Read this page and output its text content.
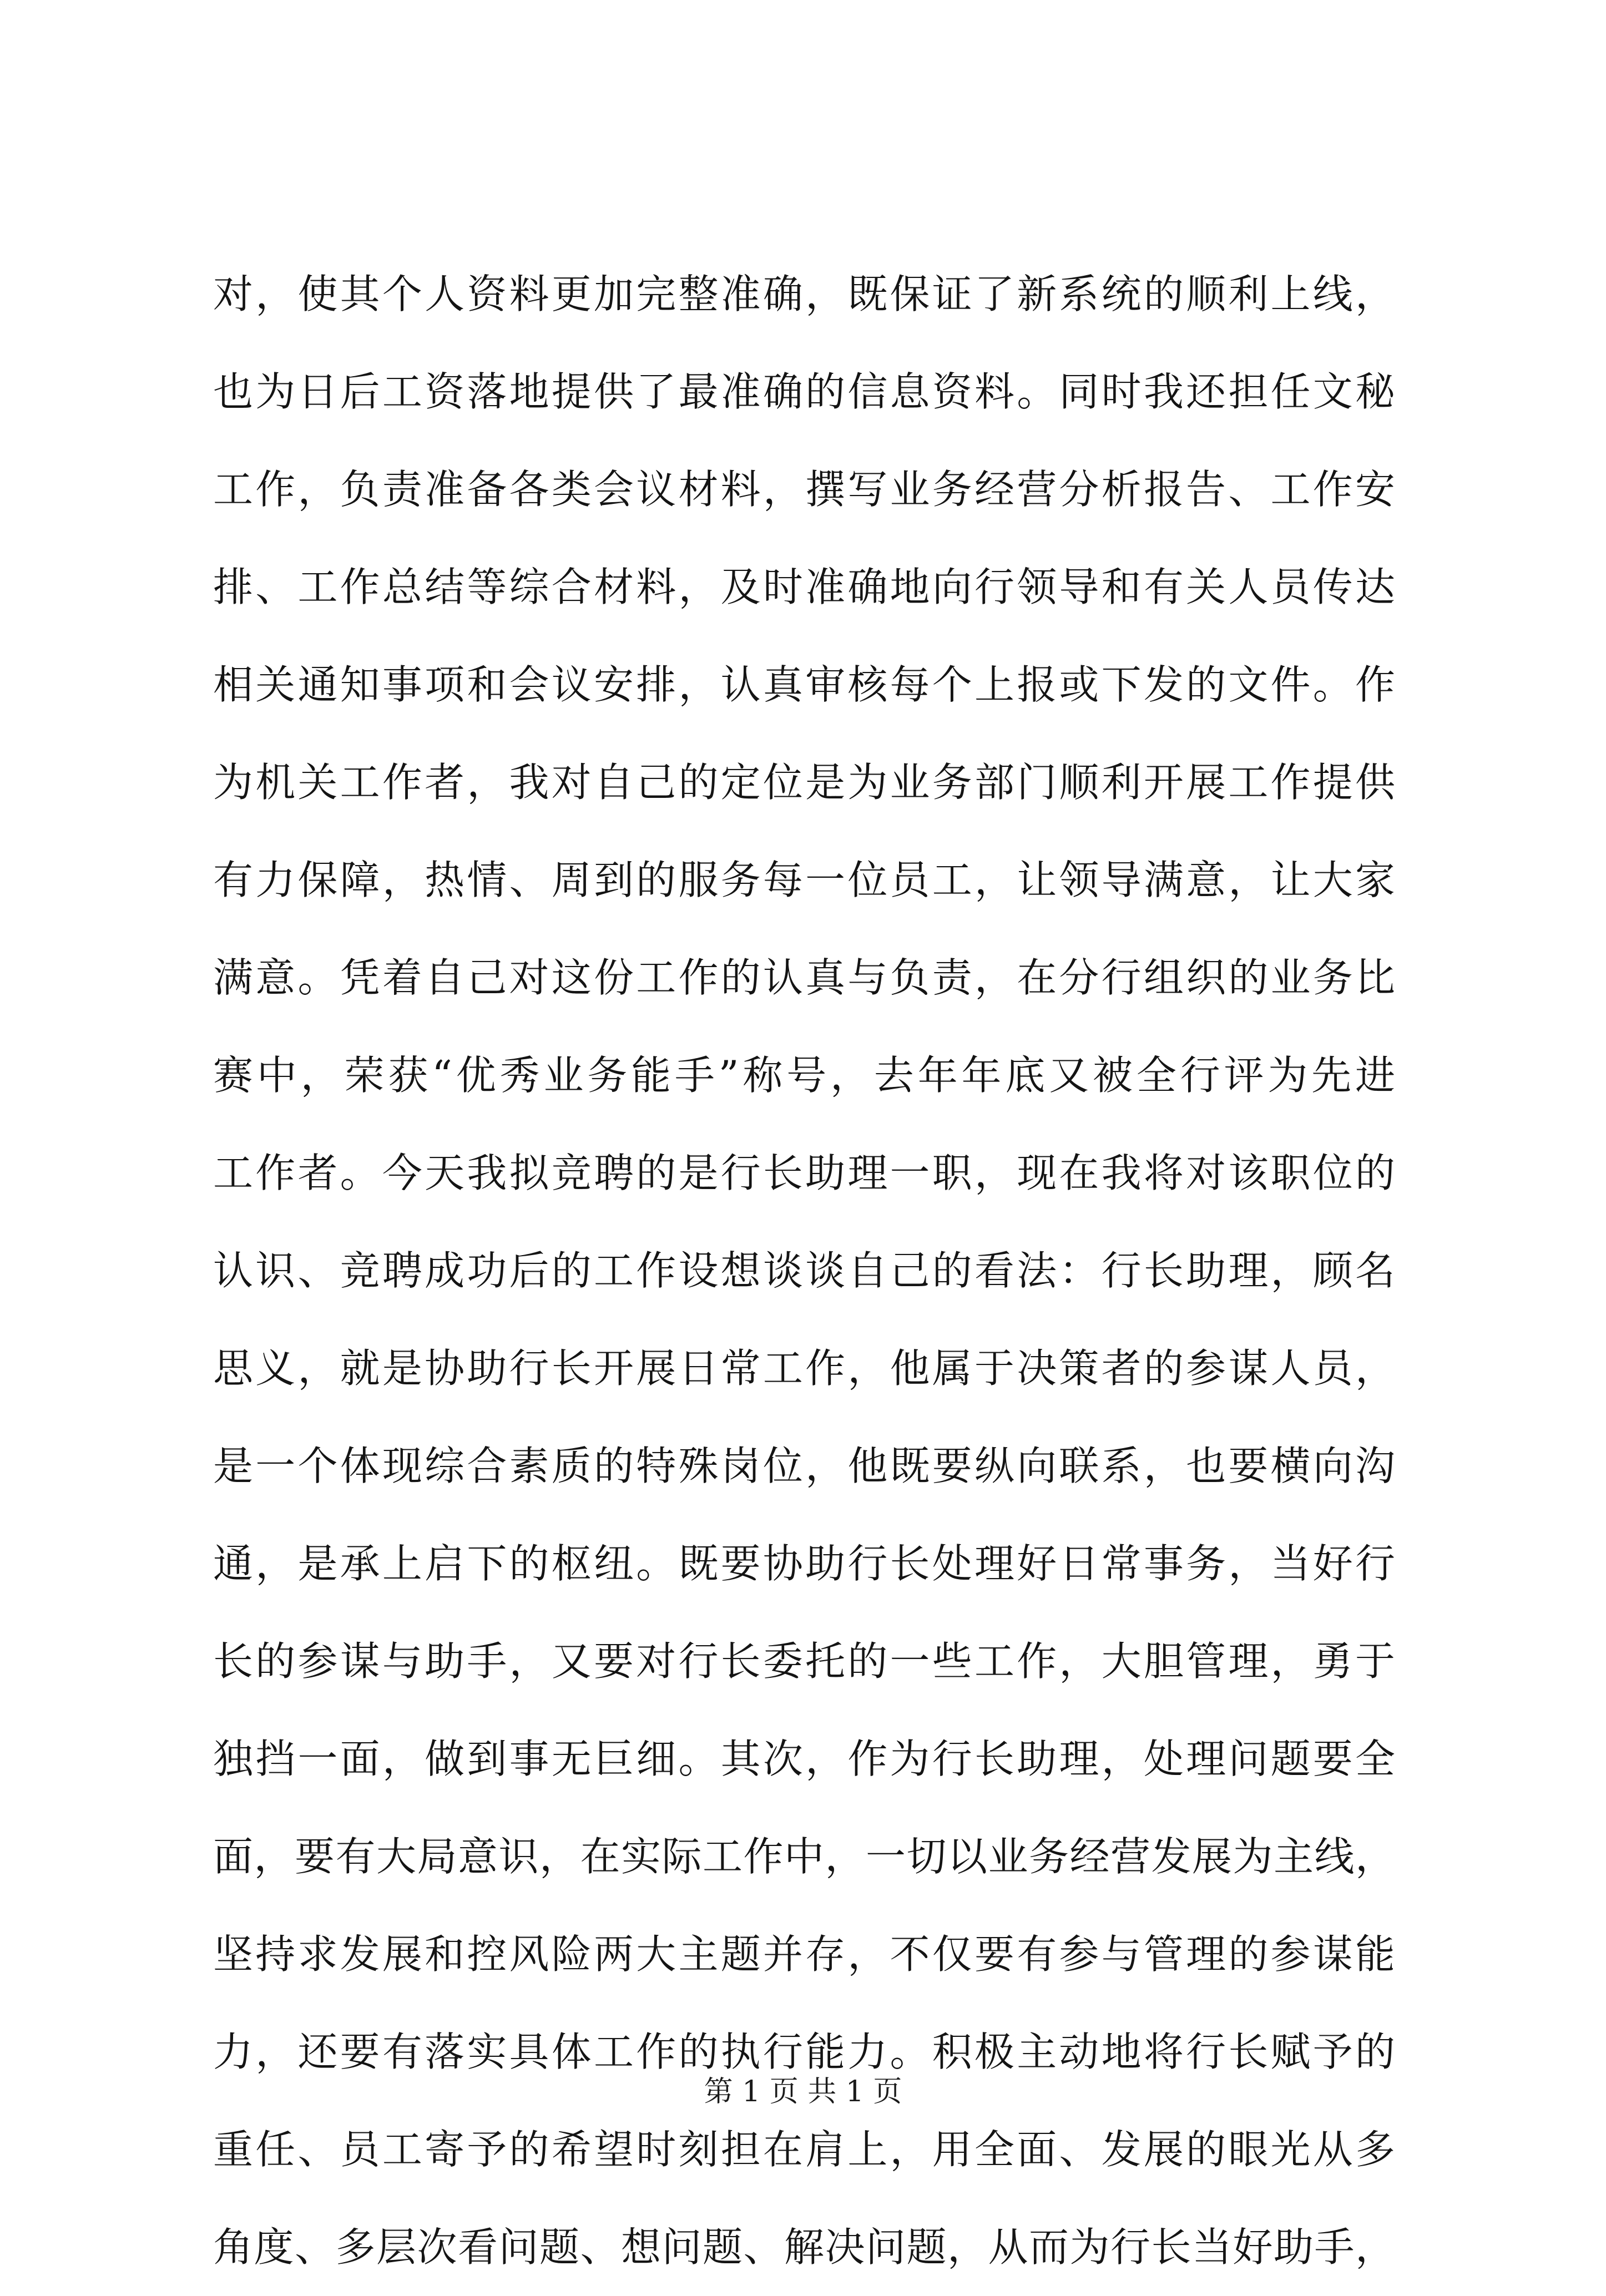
对，使其个人资料更加完整准确，既保证了新系统的顺利上线，
也为日后工资落地提供了最准确的信息资料。同时我还担任文秘
工作，负责准备各类会议材料，撰写业务经营分析报告、工作安
排、工作总结等综合材料，及时准确地向行领导和有关人员传达
相关通知事项和会议安排，认真审核每个上报或下发的文件。作
为机关工作者，我对自己的定位是为业务部门顺利开展工作提供
有力保障，热情、周到的服务每一位员工，让领导满意，让大家
满意。凭着自己对这份工作的认真与负责，在分行组织的业务比
赛中，荣获“优秀业务能手”称号，去年年底又被全行评为先进
工作者。今天我拟竞聘的是行长助理一职，现在我将对该职位的
认识、竞聘成功后的工作设想谈谈自己的看法：行长助理，顾名
思义，就是协助行长开展日常工作，他属于决策者的参谋人员，
是一个体现综合素质的特殊岗位，他既要纵向联系，也要横向沟
通，是承上启下的枢纽。既要协助行长处理好日常事务，当好行
长的参谋与助手，又要对行长委托的一些工作，大胆管理，勇于
独挡一面，做到事无巨细。其次，作为行长助理，处理问题要全
面，要有大局意识，在实际工作中，一切以业务经营发展为主线，
坚持求发展和控风险两大主题并存，不仅要有参与管理的参谋能
力，还要有落实具体工作的执行能力。积极主动地将行长赋予的
重任、员工寄予的希望时刻担在肩上，用全面、发展的眼光从多
角度、多层次看问题、想问题、解决问题，从而为行长当好助手，
第 1 页 共 1 页
